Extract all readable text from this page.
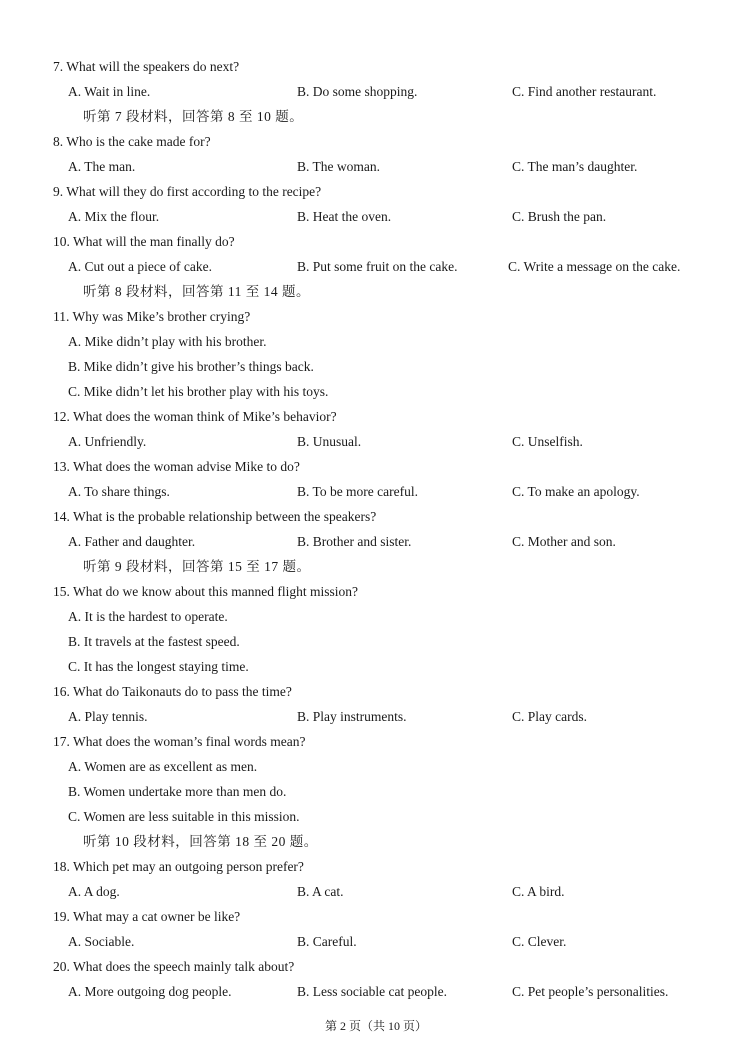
7. What will the speakers do next?
A. Wait in line.	B. Do some shopping.	C. Find another restaurant.
听第 7 段材料，回答第 8 至 10 题。
8. Who is the cake made for?
A. The man.	B. The woman.	C. The man’s daughter.
9. What will they do first according to the recipe?
A. Mix the flour.	B. Heat the oven.	C. Brush the pan.
10. What will the man finally do?
A. Cut out a piece of cake.	B. Put some fruit on the cake.	C. Write a message on the cake.
听第 8 段材料，回答第 11 至 14 题。
11. Why was Mike’s brother crying?
A. Mike didn’t play with his brother.
B. Mike didn’t give his brother’s things back.
C. Mike didn’t let his brother play with his toys.
12. What does the woman think of Mike’s behavior?
A. Unfriendly.	B. Unusual.	C. Unselfish.
13. What does the woman advise Mike to do?
A. To share things.	B. To be more careful.	C. To make an apology.
14. What is the probable relationship between the speakers?
A. Father and daughter.	B. Brother and sister.	C. Mother and son.
听第 9 段材料，回答第 15 至 17 题。
15. What do we know about this manned flight mission?
A. It is the hardest to operate.
B. It travels at the fastest speed.
C. It has the longest staying time.
16. What do Taikonauts do to pass the time?
A. Play tennis.	B. Play instruments.	C. Play cards.
17. What does the woman’s final words mean?
A. Women are as excellent as men.
B. Women undertake more than men do.
C. Women are less suitable in this mission.
听第 10 段材料，回答第 18 至 20 题。
18. Which pet may an outgoing person prefer?
A. A dog.	B. A cat.	C. A bird.
19. What may a cat owner be like?
A. Sociable.	B. Careful.	C. Clever.
20. What does the speech mainly talk about?
A. More outgoing dog people.	B. Less sociable cat people.	C. Pet people’s personalities.
第 2 页（共 10 页）
